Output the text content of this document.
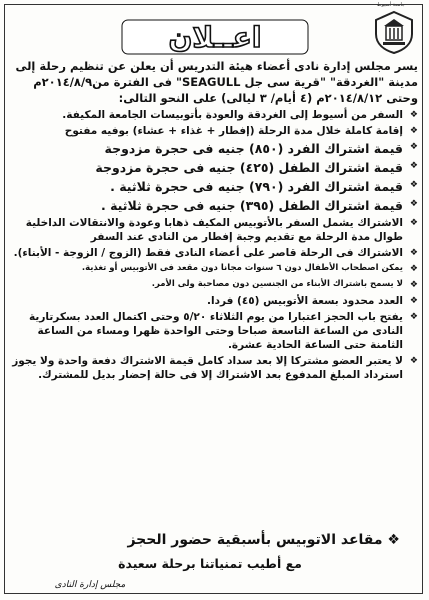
جامعة أسيوط
اعــلان

يسر مجلس إدارة نادى أعضاء هيئة التدريس أن يعلن عن تنظيم رحلة إلى مدينة "الغردقة" "قرية سى جل SEAGULL" فى الفترة من٢٠١٤/٨/٩م وحتى ٢٠١٤/٨/١٢م (٤ أيام/ ٣ ليالى) على النحو التالى:

❖
السفر من أسيوط إلى الغردقة والعودة بأتوبيسات الجامعة المكيفة.
❖
إقامة كاملة خلال مدة الرحلة (إفطار + غذاء + عشاء) بوفيه مفتوح
❖
قيمة اشتراك الفرد (٨٥٠) جنيه فى حجرة مزدوجة
❖
قيمة اشتراك الطفل (٤٢٥) جنيه فى حجرة مزدوجة
❖
قيمة اشتراك الفرد (٧٩٠) جنيه فى حجرة ثلاثية .
❖
قيمة اشتراك الطفل (٣٩٥) جنيه فى حجرة ثلاثية .
❖
الاشتراك يشمل السفر بالأتوبيس المكيف ذهابا وعودة والانتقالات الداخلية طوال مدة الرحلة مع تقديم وجبة إفطار من النادى عند السفر
❖
الاشتراك فى الرحلة قاصر على أعضاء النادى فقط (الزوج / الزوجة - الأبناء).
❖
يمكن اصطحاب الأطفال دون ٦ سنوات مجانا دون مقعد فى الأتوبيس أو تغذية.
❖
لا يسمح باشتراك الأبناء من الجنسين دون مصاحبة ولى الأمر.
❖
العدد محدود بسعة الأتوبيس (٤٥) فردا.
❖
يفتح باب الحجز اعتبارا من يوم الثلاثاء ٥/٢٠ وحتى اكتمال العدد بسكرتارية النادى من الساعة التاسعة صباحا وحتى الواحدة ظهرا ومساء من الساعة الثامنة حتى الساعة الحادية عشرة.
❖
لا يعتبر العضو مشتركا إلا بعد سداد كامل قيمة الاشتراك دفعة واحدة ولا يجوز استرداد المبلغ المدفوع بعد الاشتراك إلا فى حالة إحضار بديل للمشترك.
❖ مقاعد الاتوبيس بأسبقية حضور الحجز
مع أطيب تمنياتنا برحلة سعيدة
مجلس إدارة النادى
